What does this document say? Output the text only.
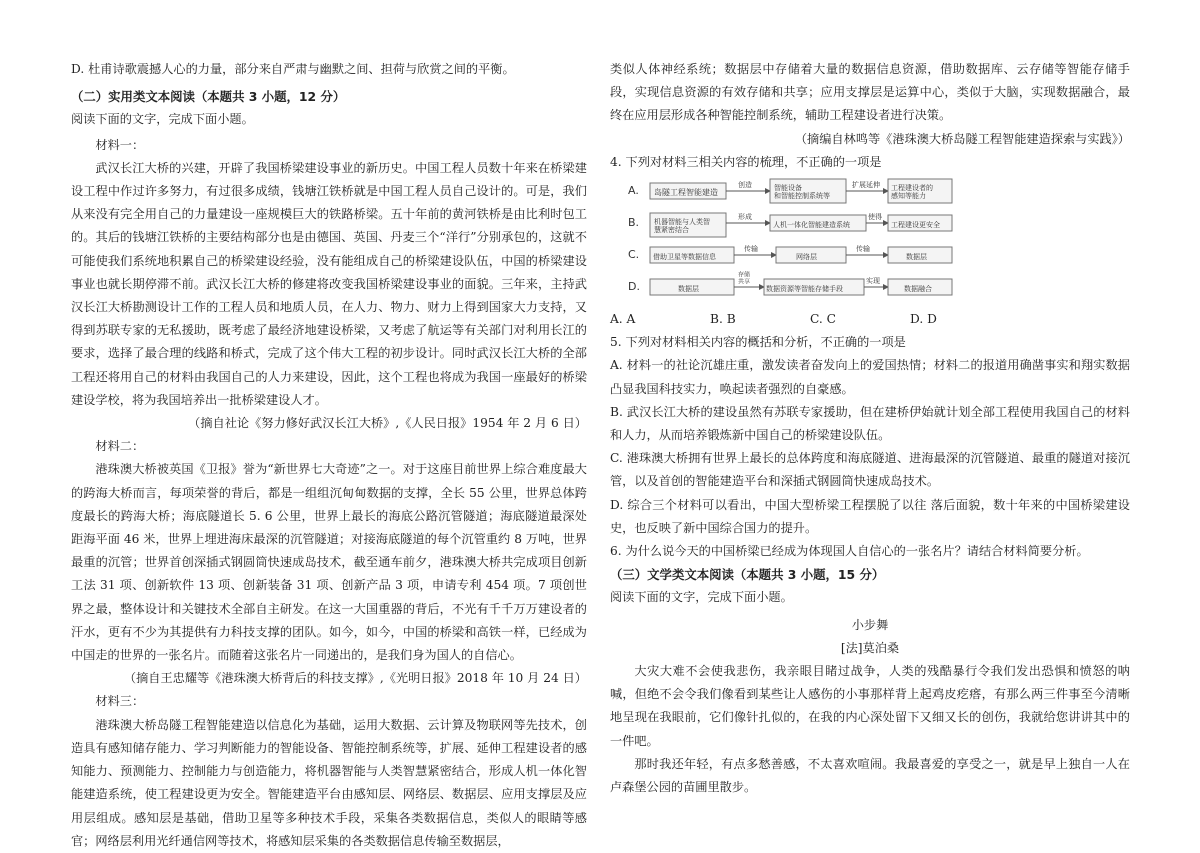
D. 杜甫诗歌震撼人心的力量，部分来自严肃与幽默之间、担荷与欣赏之间的平衡。

（二）实用类文本阅读（本题共 3 小题，12 分）

阅读下面的文字，完成下面小题。

材料一：

武汉长江大桥的兴建，开辟了我国桥梁建设事业的新历史。中国工程人员数十年来在桥梁建设工程中作过许多努力，有过很多成绩，钱塘江铁桥就是中国工程人员自己设计的。可是，我们从来没有完全用自己的力量建设一座规模巨大的铁路桥梁。五十年前的黄河铁桥是由比利时包工的。其后的钱塘江铁桥的主要结构部分也是由德国、英国、丹麦三个“洋行”分别承包的，这就不可能使我们系统地积累自己的桥梁建设经验，没有能组成自己的桥梁建设队伍，中国的桥梁建设事业也就长期停滞不前。武汉长江大桥的修建将改变我国桥梁建设事业的面貌。三年来，主持武汉长江大桥勘测设计工作的工程人员和地质人员，在人力、物力、财力上得到国家大力支持，又得到苏联专家的无私援助，既考虑了最经济地建设桥梁，又考虑了航运等有关部门对利用长江的要求，选择了最合理的线路和桥式，完成了这个伟大工程的初步设计。同时武汉长江大桥的全部工程还将用自己的材料由我国自己的人力来建设，因此，这个工程也将成为我国一座最好的桥梁建设学校，将为我国培养出一批桥梁建设人才。

（摘自社论《努力修好武汉长江大桥》,《人民日报》1954 年 2 月 6 日）

材料二：

港珠澳大桥被英国《卫报》誉为“新世界七大奇迹”之一。对于这座目前世界上综合难度最大的跨海大桥而言，每项荣誉的背后，都是一组组沉甸甸数据的支撑，全长 55 公里，世界总体跨度最长的跨海大桥；海底隧道长 5. 6 公里，世界上最长的海底公路沉管隧道；海底隧道最深处距海平面 46 米，世界上埋进海床最深的沉管隧道；对接海底隧道的每个沉管重约 8 万吨，世界最重的沉管；世界首创深插式钢圆筒快速成岛技术，截至通车前夕，港珠澳大桥共完成项目创新工法 31 项、创新软件 13 项、创新装备 31 项、创新产品 3 项，申请专利 454 项。7 项创世界之最，整体设计和关键技术全部自主研发。在这一大国重器的背后，不光有千千万万建设者的汗水，更有不少为其提供有力科技支撑的团队。如今，如今，中国的桥梁和高铁一样，已经成为中国走的世界的一张名片。而随着这张名片一同递出的，是我们身为国人的自信心。

（摘自王忠耀等《港珠澳大桥背后的科技支撑》,《光明日报》2018 年 10 月 24 日）

材料三：

港珠澳大桥岛隧工程智能建造以信息化为基础，运用大数据、云计算及物联网等先技术，创造具有感知储存能力、学习判断能力的智能设备、智能控制系统等，扩展、延伸工程建设者的感知能力、预测能力、控制能力与创造能力，将机器智能与人类智慧紧密结合，形成人机一体化智能建造系统，使工程建设更为安全。智能建造平台由感知层、网络层、数据层、应用支撑层及应用层组成。感知层是基础，借助卫星等多种技术手段，采集各类数据信息，类似人的眼睛等感官；网络层利用光纤通信网等技术，将感知层采集的各类数据信息传输至数据层，

类似人体神经系统；数据层中存储着大量的数据信息资源，借助数据库、云存储等智能存储手段，实现信息资源的有效存储和共享；应用支撑层是运算中心，类似于大脑，实现数据融合，最终在应用层形成各种智能控制系统，辅助工程建设者进行决策。

（摘编自林鸣等《港珠澳大桥岛隧工程智能建造探索与实践》）

4. 下列对材料三相关内容的梳理，不正确的一项是

A. 岛隧工程智能建造
创造	智能设备和智能控制系统等
扩展延伸 工程建设者的感知等能力
B. 机器智能与人类智慧紧密结合
形成
人机一体化智能建造系统
使得
工程建设更安全
C. 借助卫星等数据信息
传输
网络层
传输
数据层
D.	数据层
存储共享
数据资源等智能存储手段
实现
数据融合
A. A	B. B	C. C	D. D

5. 下列对材料相关内容的概括和分析，不正确的一项是

A. 材料一的社论沉雄庄重，激发读者奋发向上的爱国热情；材料二的报道用确凿事实和翔实数据凸显我国科技实力，唤起读者强烈的自豪感。

B. 武汉长江大桥的建设虽然有苏联专家援助，但在建桥伊始就计划全部工程使用我国自己的材料和人力，从而培养锻炼新中国自己的桥梁建设队伍。

C. 港珠澳大桥拥有世界上最长的总体跨度和海底隧道、进海最深的沉管隧道、最重的隧道对接沉管，以及首创的智能建造平台和深插式钢圆筒快速成岛技术。

D. 综合三个材料可以看出，中国大型桥梁工程摆脱了以往 落后面貌，数十年来的中国桥梁建设史，也反映了新中国综合国力的提升。

6. 为什么说今天的中国桥梁已经成为体现国人自信心的一张名片？请结合材料简要分析。

（三）文学类文本阅读（本题共 3 小题，15 分）

阅读下面的文字，完成下面小题。

小步舞

[法]莫泊桑

大灾大难不会使我悲伤，我亲眼目睹过战争，人类的残酷暴行令我们发出恐惧和愤怒的呐喊，但绝不会令我们像看到某些让人感伤的小事那样背上起鸡皮疙瘩，有那么两三件事至今清晰地呈现在我眼前，它们像针扎似的，在我的内心深处留下又细又长的创伤，我就给您讲讲其中的一件吧。

那时我还年轻，有点多愁善感，不太喜欢喧闹。我最喜爱的享受之一，就是早上独自一人在卢森堡公园的苗圃里散步。
